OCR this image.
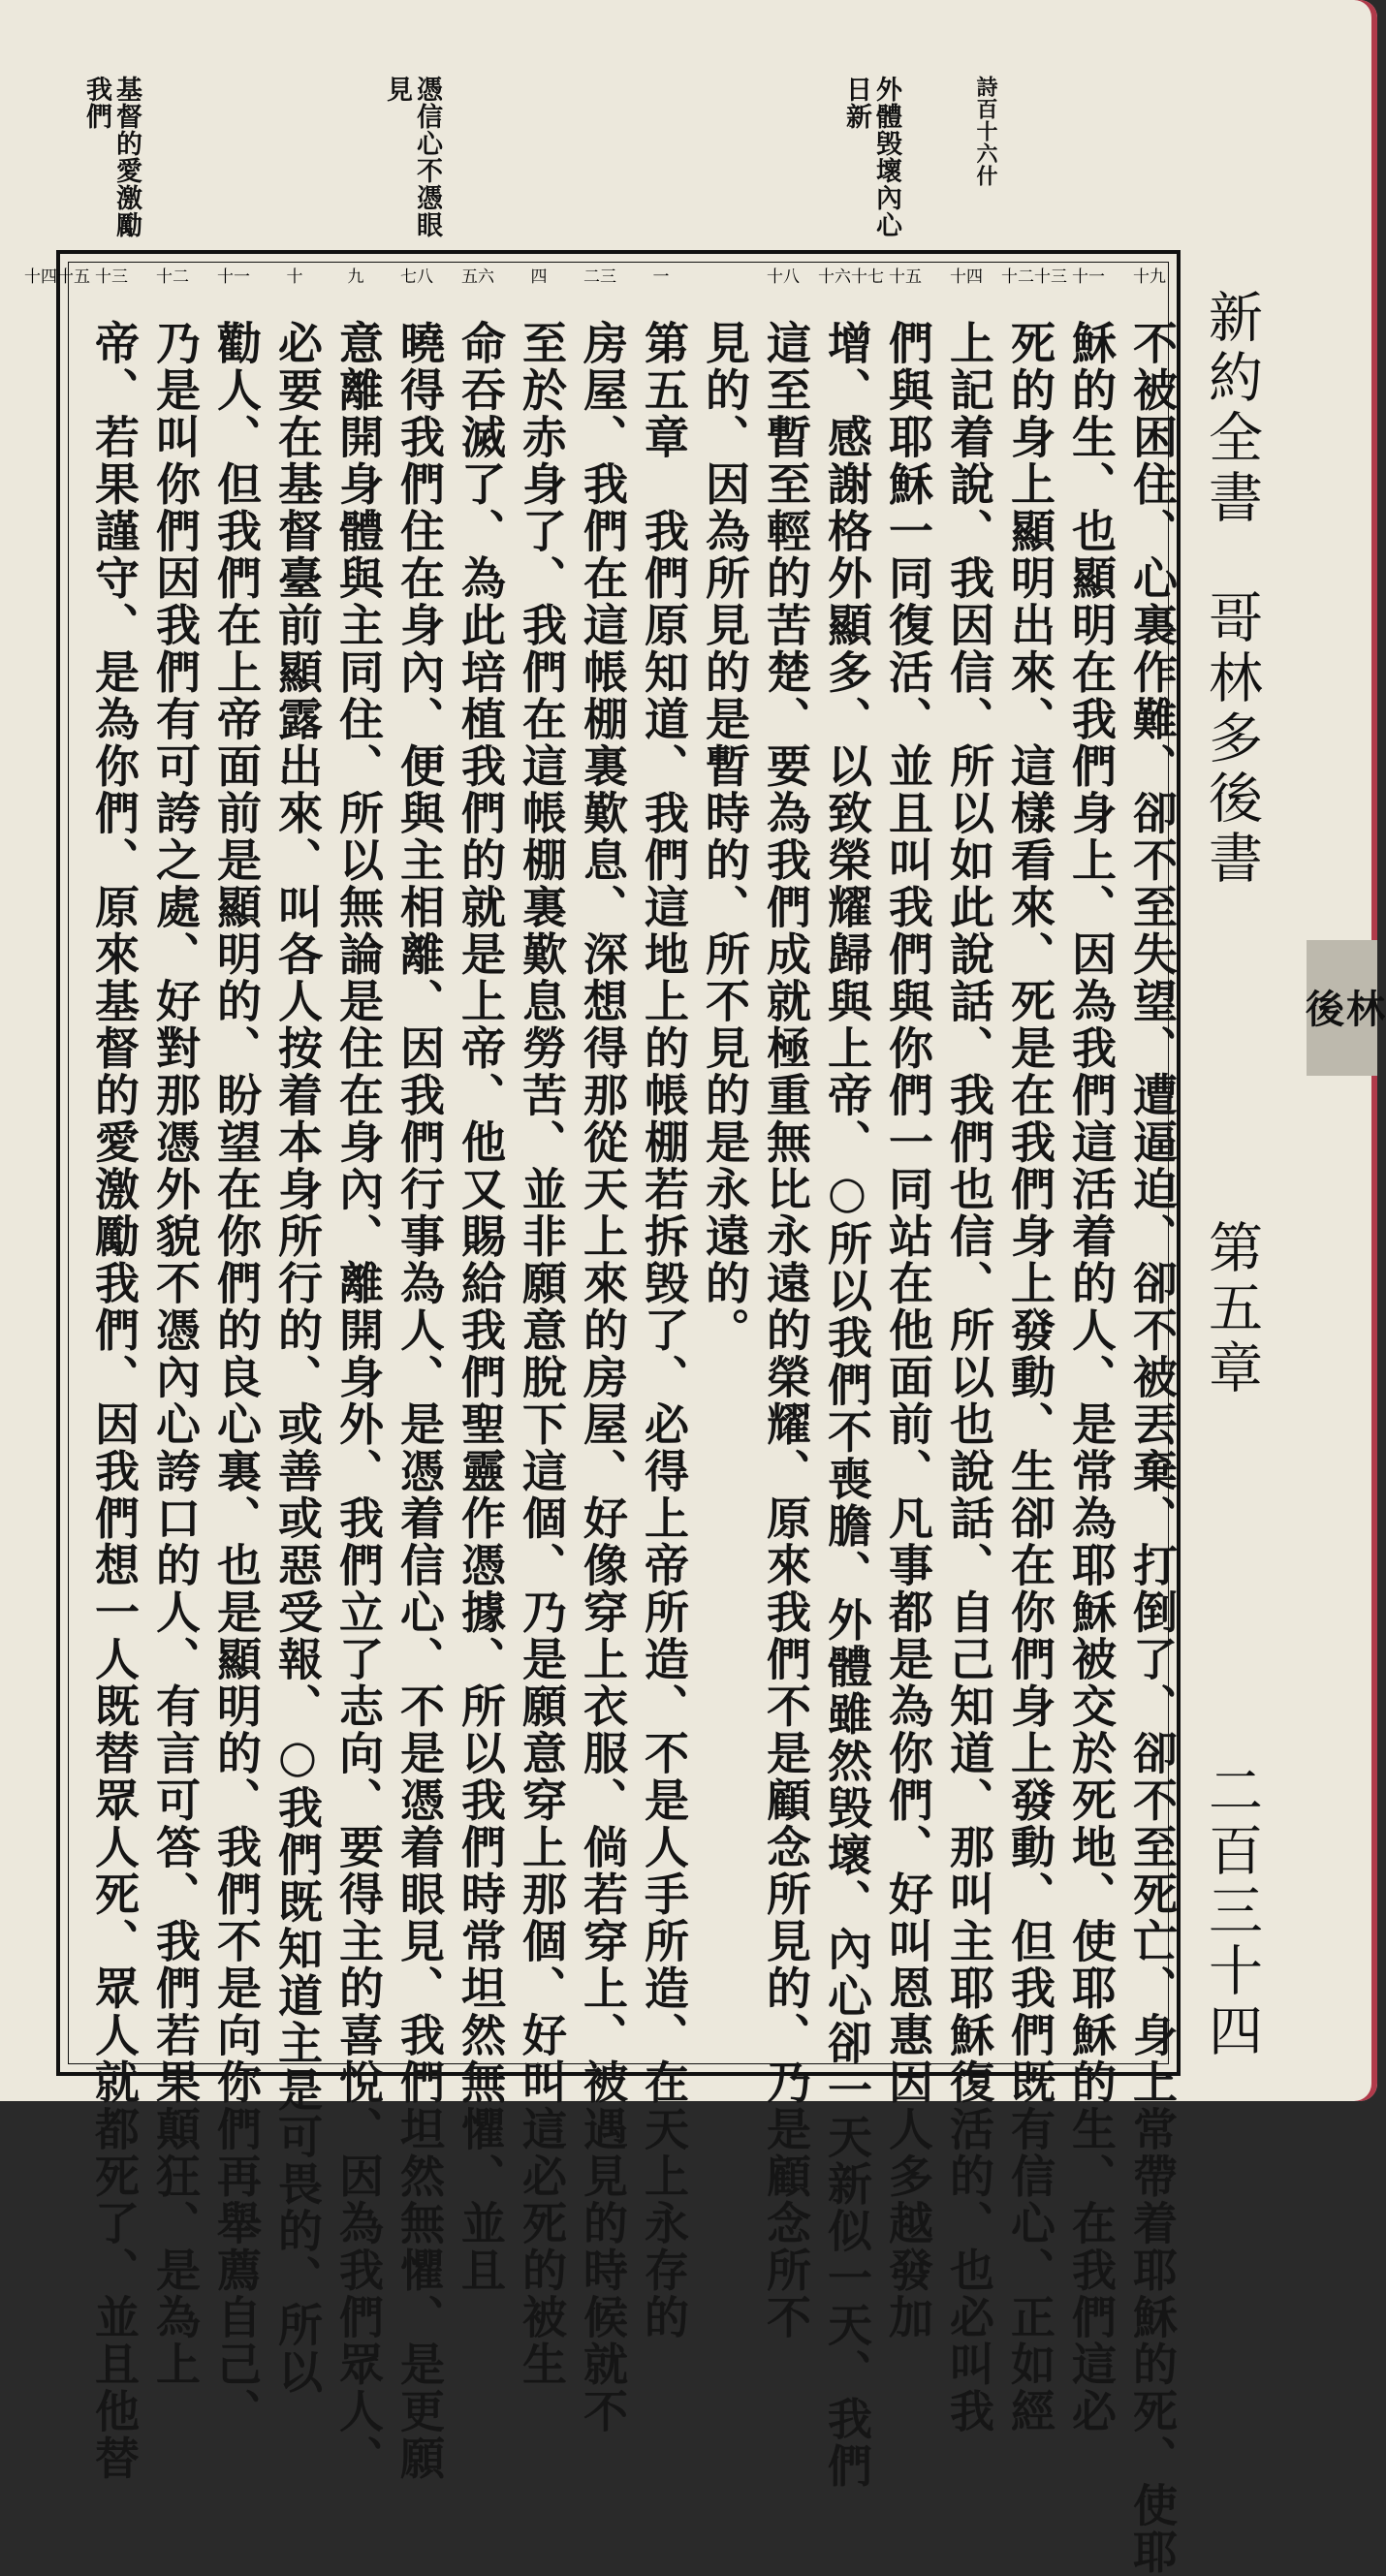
基督的愛激勵我們	憑信心不憑眼見	外體毁壞內心日新	詩百十六什
新約全書　哥林多後書
第五章
二百三十四
林
後
十九
不被困住、心裏作難、卻不至失望、遭逼迫、卻不被丟棄、打倒了、卻不至死亡、身上常帶着耶穌的死、使耶
十一
穌的生、也顯明在我們身上、因為我們這活着的人、是常為耶穌被交於死地、使耶穌的生、在我們這必
十二十三
死的身上顯明出來、這樣看來、死是在我們身上發動、生卻在你們身上發動、但我們既有信心、正如經
十四
上記着說、我因信、所以如此說話、我們也信、所以也說話、自己知道、那叫主耶穌復活的、也必叫我
十五
們與耶穌一同復活、並且叫我們與你們一同站在他面前、凡事都是為你們、好叫恩惠因人多越發加
十六十七
增、感謝格外顯多、以致榮耀歸與上帝、○所以我們不喪膽、外體雖然毁壞、內心卻一天新似一天、我們
十八
這至暫至輕的苦楚、要為我們成就極重無比永遠的榮耀、原來我們不是顧念所見的、乃是顧念所不
見的、因為所見的是暫時的、所不見的是永遠的。
一
第五章　我們原知道、我們這地上的帳棚若拆毁了、必得上帝所造、不是人手所造、在天上永存的
二三
房屋、我們在這帳棚裏歎息、深想得那從天上來的房屋、好像穿上衣服、倘若穿上、被遇見的時候就不
四
至於赤身了、我們在這帳棚裏歎息勞苦、並非願意脫下這個、乃是願意穿上那個、好叫這必死的被生
五六
命吞滅了、為此培植我們的就是上帝、他又賜給我們聖靈作憑據、所以我們時常坦然無懼、並且
七八
曉得我們住在身內、便與主相離、因我們行事為人、是憑着信心、不是憑着眼見、我們坦然無懼、是更願
九
意離開身體與主同住、所以無論是住在身內、離開身外、我們立了志向、要得主的喜悅、因為我們眾人、
十
必要在基督臺前顯露出來、叫各人按着本身所行的、或善或惡受報、○我們既知道主是可畏的、所以
十一
勸人、但我們在上帝面前是顯明的、盼望在你們的良心裏、也是顯明的、我們不是向你們再舉薦自己、
十二
乃是叫你們因我們有可誇之處、好對那憑外貌不憑內心誇口的人、有言可答、我們若果顛狂、是為上
十三
帝、若果謹守、是為你們、原來基督的愛激勵我們、因我們想一人既替眾人死、眾人就都死了、並且他替
十四十五
